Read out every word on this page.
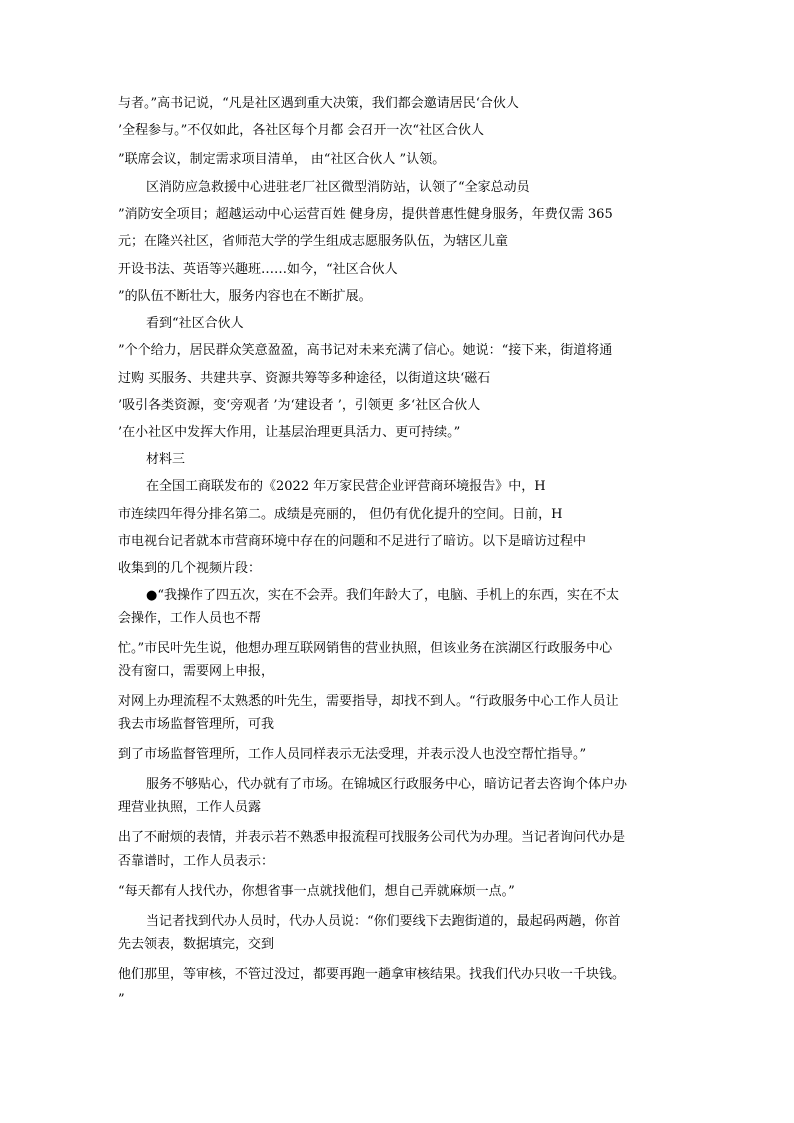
与者。”高书记说，“凡是社区遇到重大决策，我们都会邀请居民‘合伙人
’全程参与。”不仅如此，各社区每个月都 会召开一次“社区合伙人
”联席会议，制定需求项目清单， 由“社区合伙人 ”认领。
区消防应急救援中心进驻老厂社区微型消防站，认领了“全家总动员
”消防安全项目；超越运动中心运营百姓 健身房，提供普惠性健身服务，年费仅需 365
元；在隆兴社区，省师范大学的学生组成志愿服务队伍，为辖区儿童
开设书法、英语等兴趣班……如今，“社区合伙人
”的队伍不断壮大，服务内容也在不断扩展。
看到“社区合伙人
”个个给力，居民群众笑意盈盈，高书记对未来充满了信心。她说：“接下来，街道将通
过购 买服务、共建共享、资源共筹等多种途径，以街道这块‘磁石
’吸引各类资源，变‘旁观者 ’为‘建设者 ’，引领更 多‘社区合伙人
’在小社区中发挥大作用，让基层治理更具活力、更可持续。”
材料三
在全国工商联发布的《2022 年万家民营企业评营商环境报告》中，H
市连续四年得分排名第二。成绩是亮丽的， 但仍有优化提升的空间。日前，H
市电视台记者就本市营商环境中存在的问题和不足进行了暗访。以下是暗访过程中
收集到的几个视频片段：
●“我操作了四五次，实在不会弄。我们年龄大了，电脑、手机上的东西，实在不太
会操作，工作人员也不帮
忙。”市民叶先生说，他想办理互联网销售的营业执照，但该业务在滨湖区行政服务中心
没有窗口，需要网上申报，
对网上办理流程不太熟悉的叶先生，需要指导，却找不到人。“行政服务中心工作人员让
我去市场监督管理所，可我
到了市场监督管理所，工作人员同样表示无法受理，并表示没人也没空帮忙指导。”
服务不够贴心，代办就有了市场。在锦城区行政服务中心，暗访记者去咨询个体户办
理营业执照，工作人员露
出了不耐烦的表情，并表示若不熟悉申报流程可找服务公司代为办理。当记者询问代办是
否靠谱时，工作人员表示：
“每天都有人找代办，你想省事一点就找他们，想自己弄就麻烦一点。”
当记者找到代办人员时，代办人员说：“你们要线下去跑街道的，最起码两趟，你首
先去领表，数据填完，交到
他们那里，等审核，不管过没过，都要再跑一趟拿审核结果。找我们代办只收一千块钱。
”
